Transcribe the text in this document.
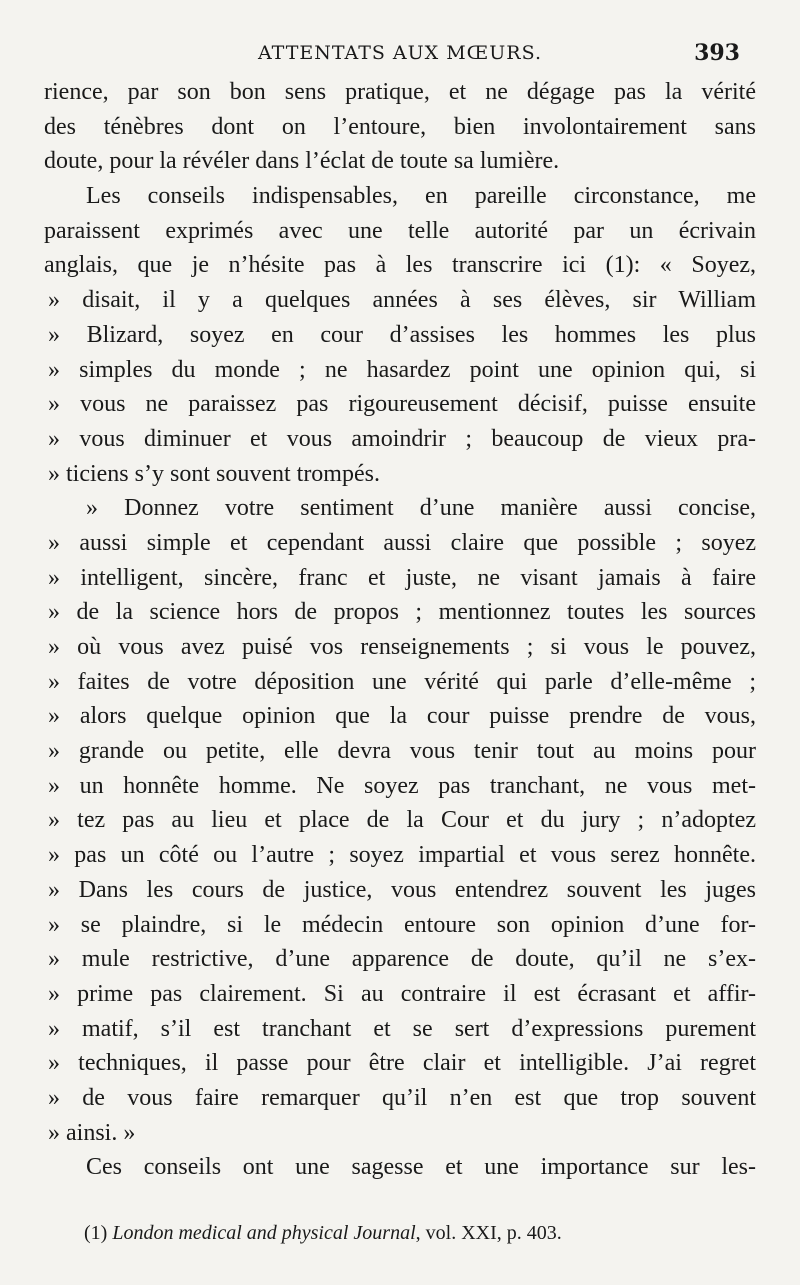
ATTENTATS AUX MŒURS.	393
rience, par son bon sens pratique, et ne dégage pas la vérité
des ténèbres dont on l’entoure, bien involontairement sans
doute, pour la révéler dans l’éclat de toute sa lumière.
Les conseils indispensables, en pareille circonstance, me
paraissent exprimés avec une telle autorité par un écrivain
anglais, que je n’hésite pas à les transcrire ici (1): « Soyez,
» disait, il y a quelques années à ses élèves, sir William
» Blizard, soyez en cour d’assises les hommes les plus
» simples du monde ; ne hasardez point une opinion qui, si
» vous ne paraissez pas rigoureusement décisif, puisse ensuite
» vous diminuer et vous amoindrir ; beaucoup de vieux pra-
» ticiens s’y sont souvent trompés.
» Donnez votre sentiment d’une manière aussi concise,
» aussi simple et cependant aussi claire que possible ; soyez
» intelligent, sincère, franc et juste, ne visant jamais à faire
» de la science hors de propos ; mentionnez toutes les sources
» où vous avez puisé vos renseignements ; si vous le pouvez,
» faites de votre déposition une vérité qui parle d’elle-même ;
» alors quelque opinion que la cour puisse prendre de vous,
» grande ou petite, elle devra vous tenir tout au moins pour
» un honnête homme. Ne soyez pas tranchant, ne vous met-
» tez pas au lieu et place de la Cour et du jury ; n’adoptez
» pas un côté ou l’autre ; soyez impartial et vous serez honnête.
» Dans les cours de justice, vous entendrez souvent les juges
» se plaindre, si le médecin entoure son opinion d’une for-
» mule restrictive, d’une apparence de doute, qu’il ne s’ex-
» prime pas clairement. Si au contraire il est écrasant et affir-
» matif, s’il est tranchant et se sert d’expressions purement
» techniques, il passe pour être clair et intelligible. J’ai regret
» de vous faire remarquer qu’il n’en est que trop souvent
» ainsi. »
Ces conseils ont une sagesse et une importance sur les-
(1) London medical and physical Journal, vol. XXI, p. 403.
